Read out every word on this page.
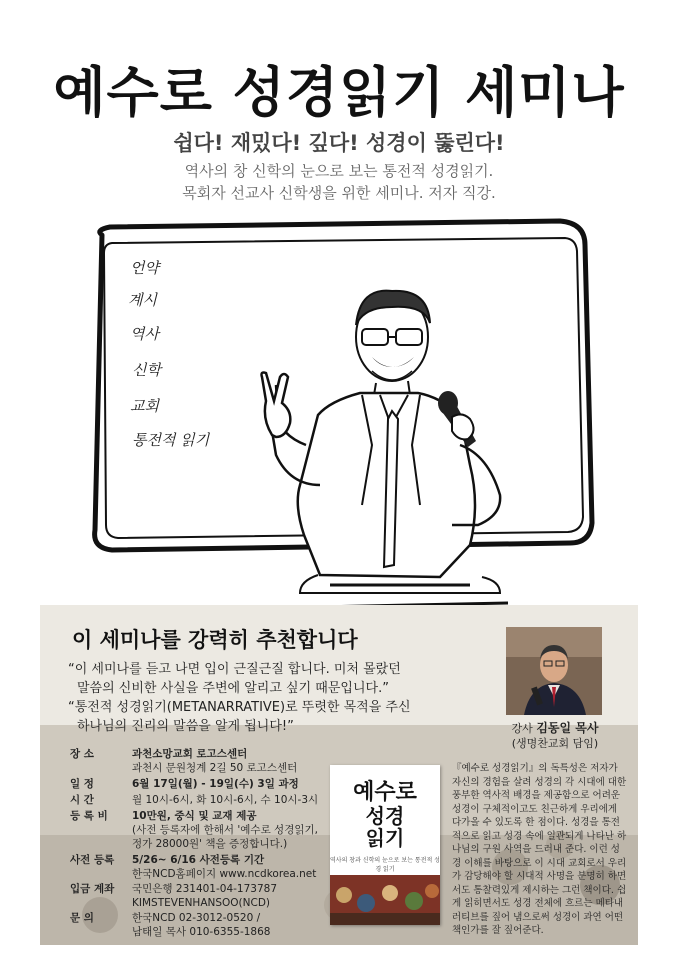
예수로 성경읽기 세미나
쉽다! 재밌다! 깊다! 성경이 뚫린다!
역사의 창 신학의 눈으로 보는 통전적 성경읽기.
목회자 선교사 신학생을 위한 세미나. 저자 직강.
언약
계시
역사
신학
교회
통전적 읽기
이 세미나를 강력히 추천합니다
“이 세미나를 듣고 나면 입이 근질근질 합니다. 미처 몰랐던
말씀의 신비한 사실을 주변에 알리고 싶기 때문입니다.”
“통전적 성경읽기(METANARRATIVE)로 뚜렷한 목적을 주신
하나님의 진리의 말씀을 알게 됩니다!”	강사 김동일 목사
(생명찬교회 담임)
장 소	과천소망교회 로고스센터
과천시 문원청계 2길 50 로고스센터
일 정	6월 17일(월) - 19일(수) 3일 과정
시 간	월 10시-6시, 화 10시-6시, 수 10시-3시
등 록 비	10만원, 중식 및 교재 제공
(사전 등록자에 한해서 '예수로 성경읽기,
정가 28000원' 책을 증정합니다.)
사전 등록	5/26~ 6/16 사전등록 기간
한국NCD홈페이지 www.ncdkorea.net
입금 계좌	국민은행 231401-04-173787
KIMSTEVENHANSOO(NCD)
문 의	한국NCD 02-3012-0520 /
남태일 목사 010-6355-1868
예수로
성경
읽기
역사의 창과 신학의 눈으로 보는 통전적 성경 읽기
『예수로 성경읽기』의 독특성은 저자가 자신의 경험을 살려 성경의 각 시대에 대한 풍부한 역사적 배경을 제공함으로 어려운 성경이 구체적이고도 친근하게 우리에게 다가올 수 있도록 한 점이다. 성경을 통전적으로 읽고 성경 속에 일관되게 나타난 하나님의 구원 사역을 드러내 준다. 이런 성경 이해를 바탕으로 이 시대 교회로서 우리가 감당해야 할 시대적 사명을 분명히 하면서도 통찰력있게 제시하는 그런 책이다. 쉽게 읽히면서도 성경 전체에 흐르는 메타내러티브를 짚어 냄으로써 성경이 과연 어떤 책인가를 잘 짚어준다.
